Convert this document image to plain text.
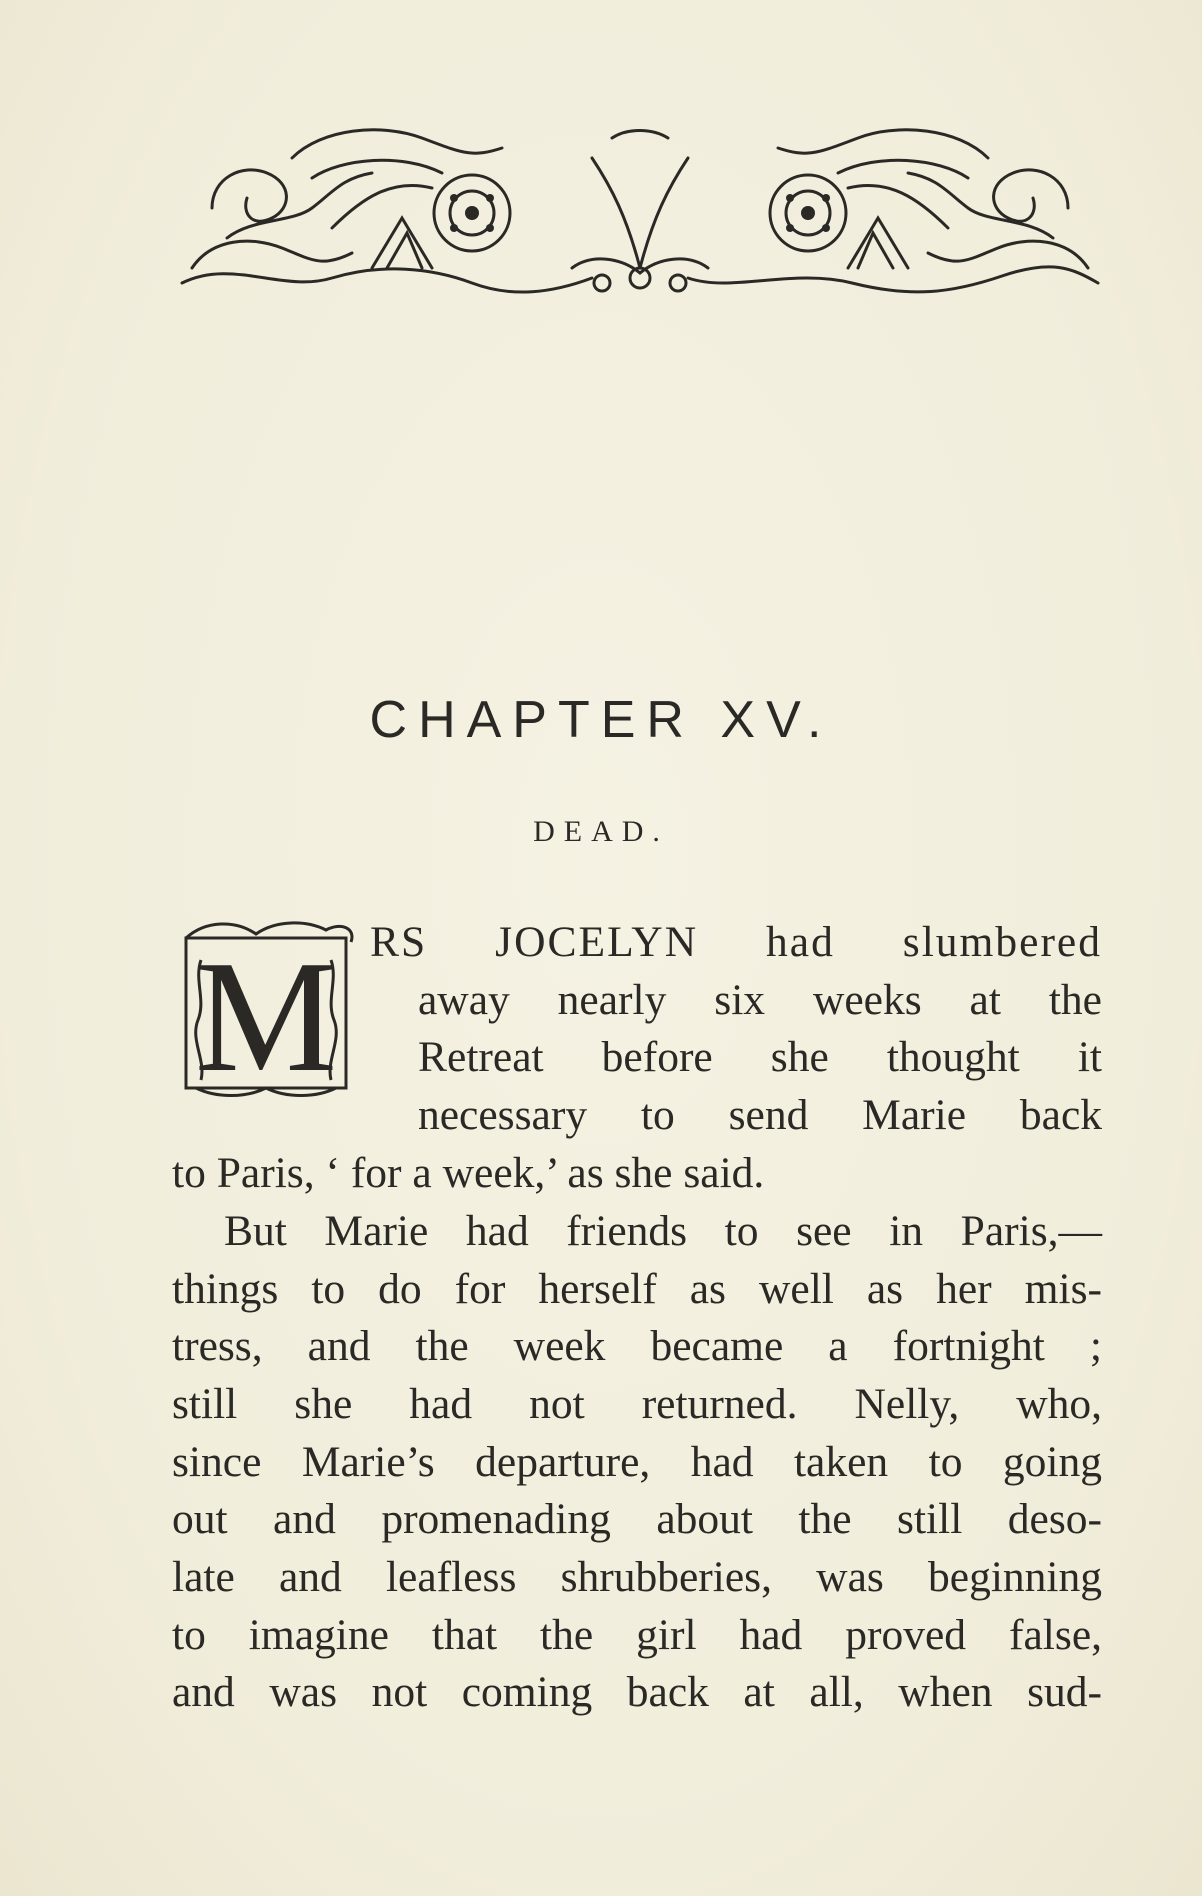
CHAPTER XV.
DEAD.
M RS JOCELYN had slumbered
away nearly six weeks at the
Retreat before she thought it
necessary to send Marie back
to Paris, ‘ for a week,’ as she said.
But Marie had friends to see in Paris,—
things to do for herself as well as her mis-
tress, and the week became a fortnight ;
still she had not returned. Nelly, who,
since Marie’s departure, had taken to going
out and promenading about the still deso-
late and leafless shrubberies, was beginning
to imagine that the girl had proved false,
and was not coming back at all, when sud-
